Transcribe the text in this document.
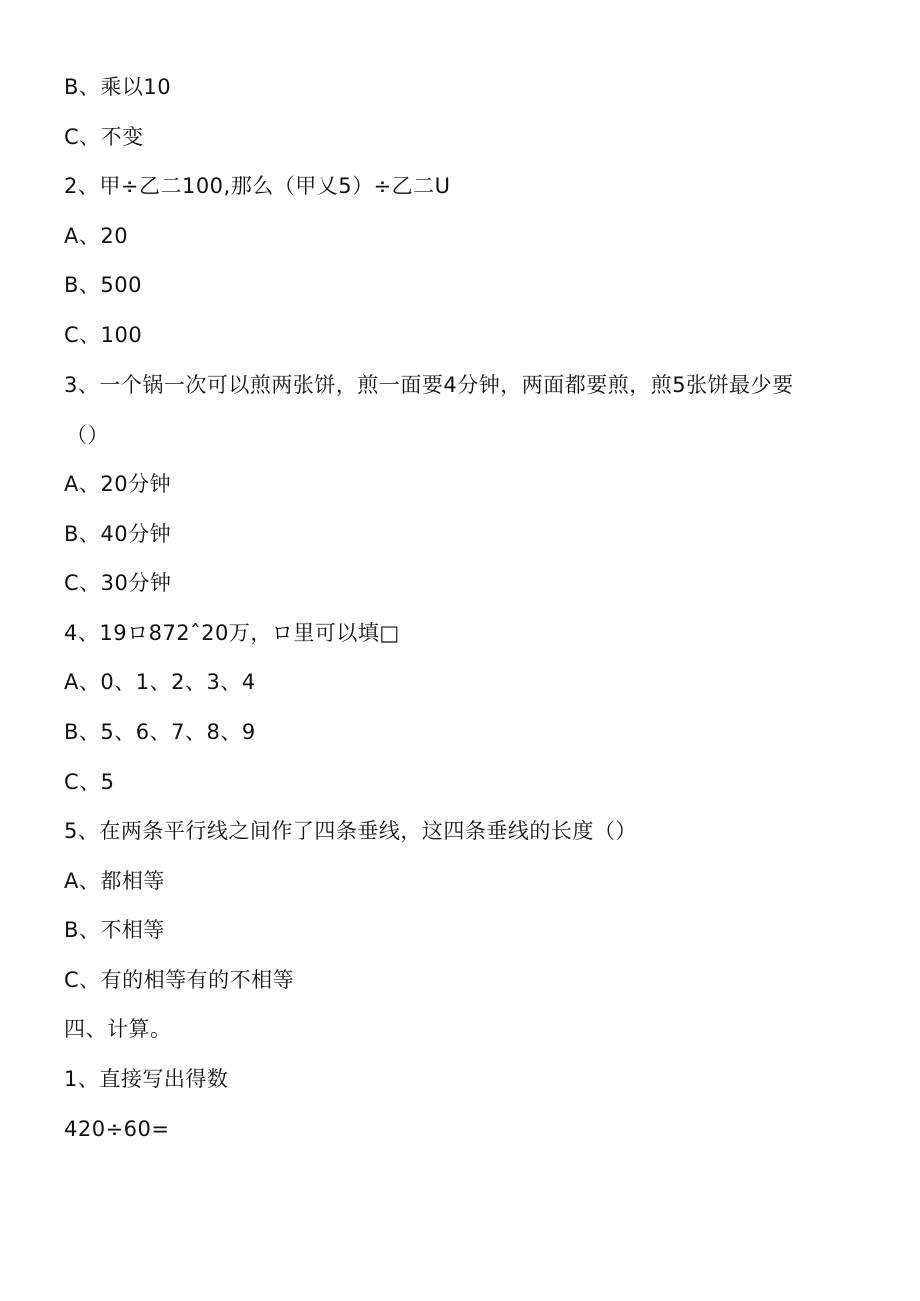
B、乘以10
C、不变
2、甲÷乙二100,那么（甲乂5）÷乙二U
A、20
B、500
C、100
3、一个锅一次可以煎两张饼，煎一面要4分钟，两面都要煎，煎5张饼最少要
（）
A、20分钟
B、40分钟
C、30分钟
4、19ロ872ˆ20万，ロ里可以填□
A、0、1、2、3、4
B、5、6、7、8、9
C、5
5、在两条平行线之间作了四条垂线，这四条垂线的长度（）
A、都相等
B、不相等
C、有的相等有的不相等
四、计算。
1、直接写出得数
420÷60=
